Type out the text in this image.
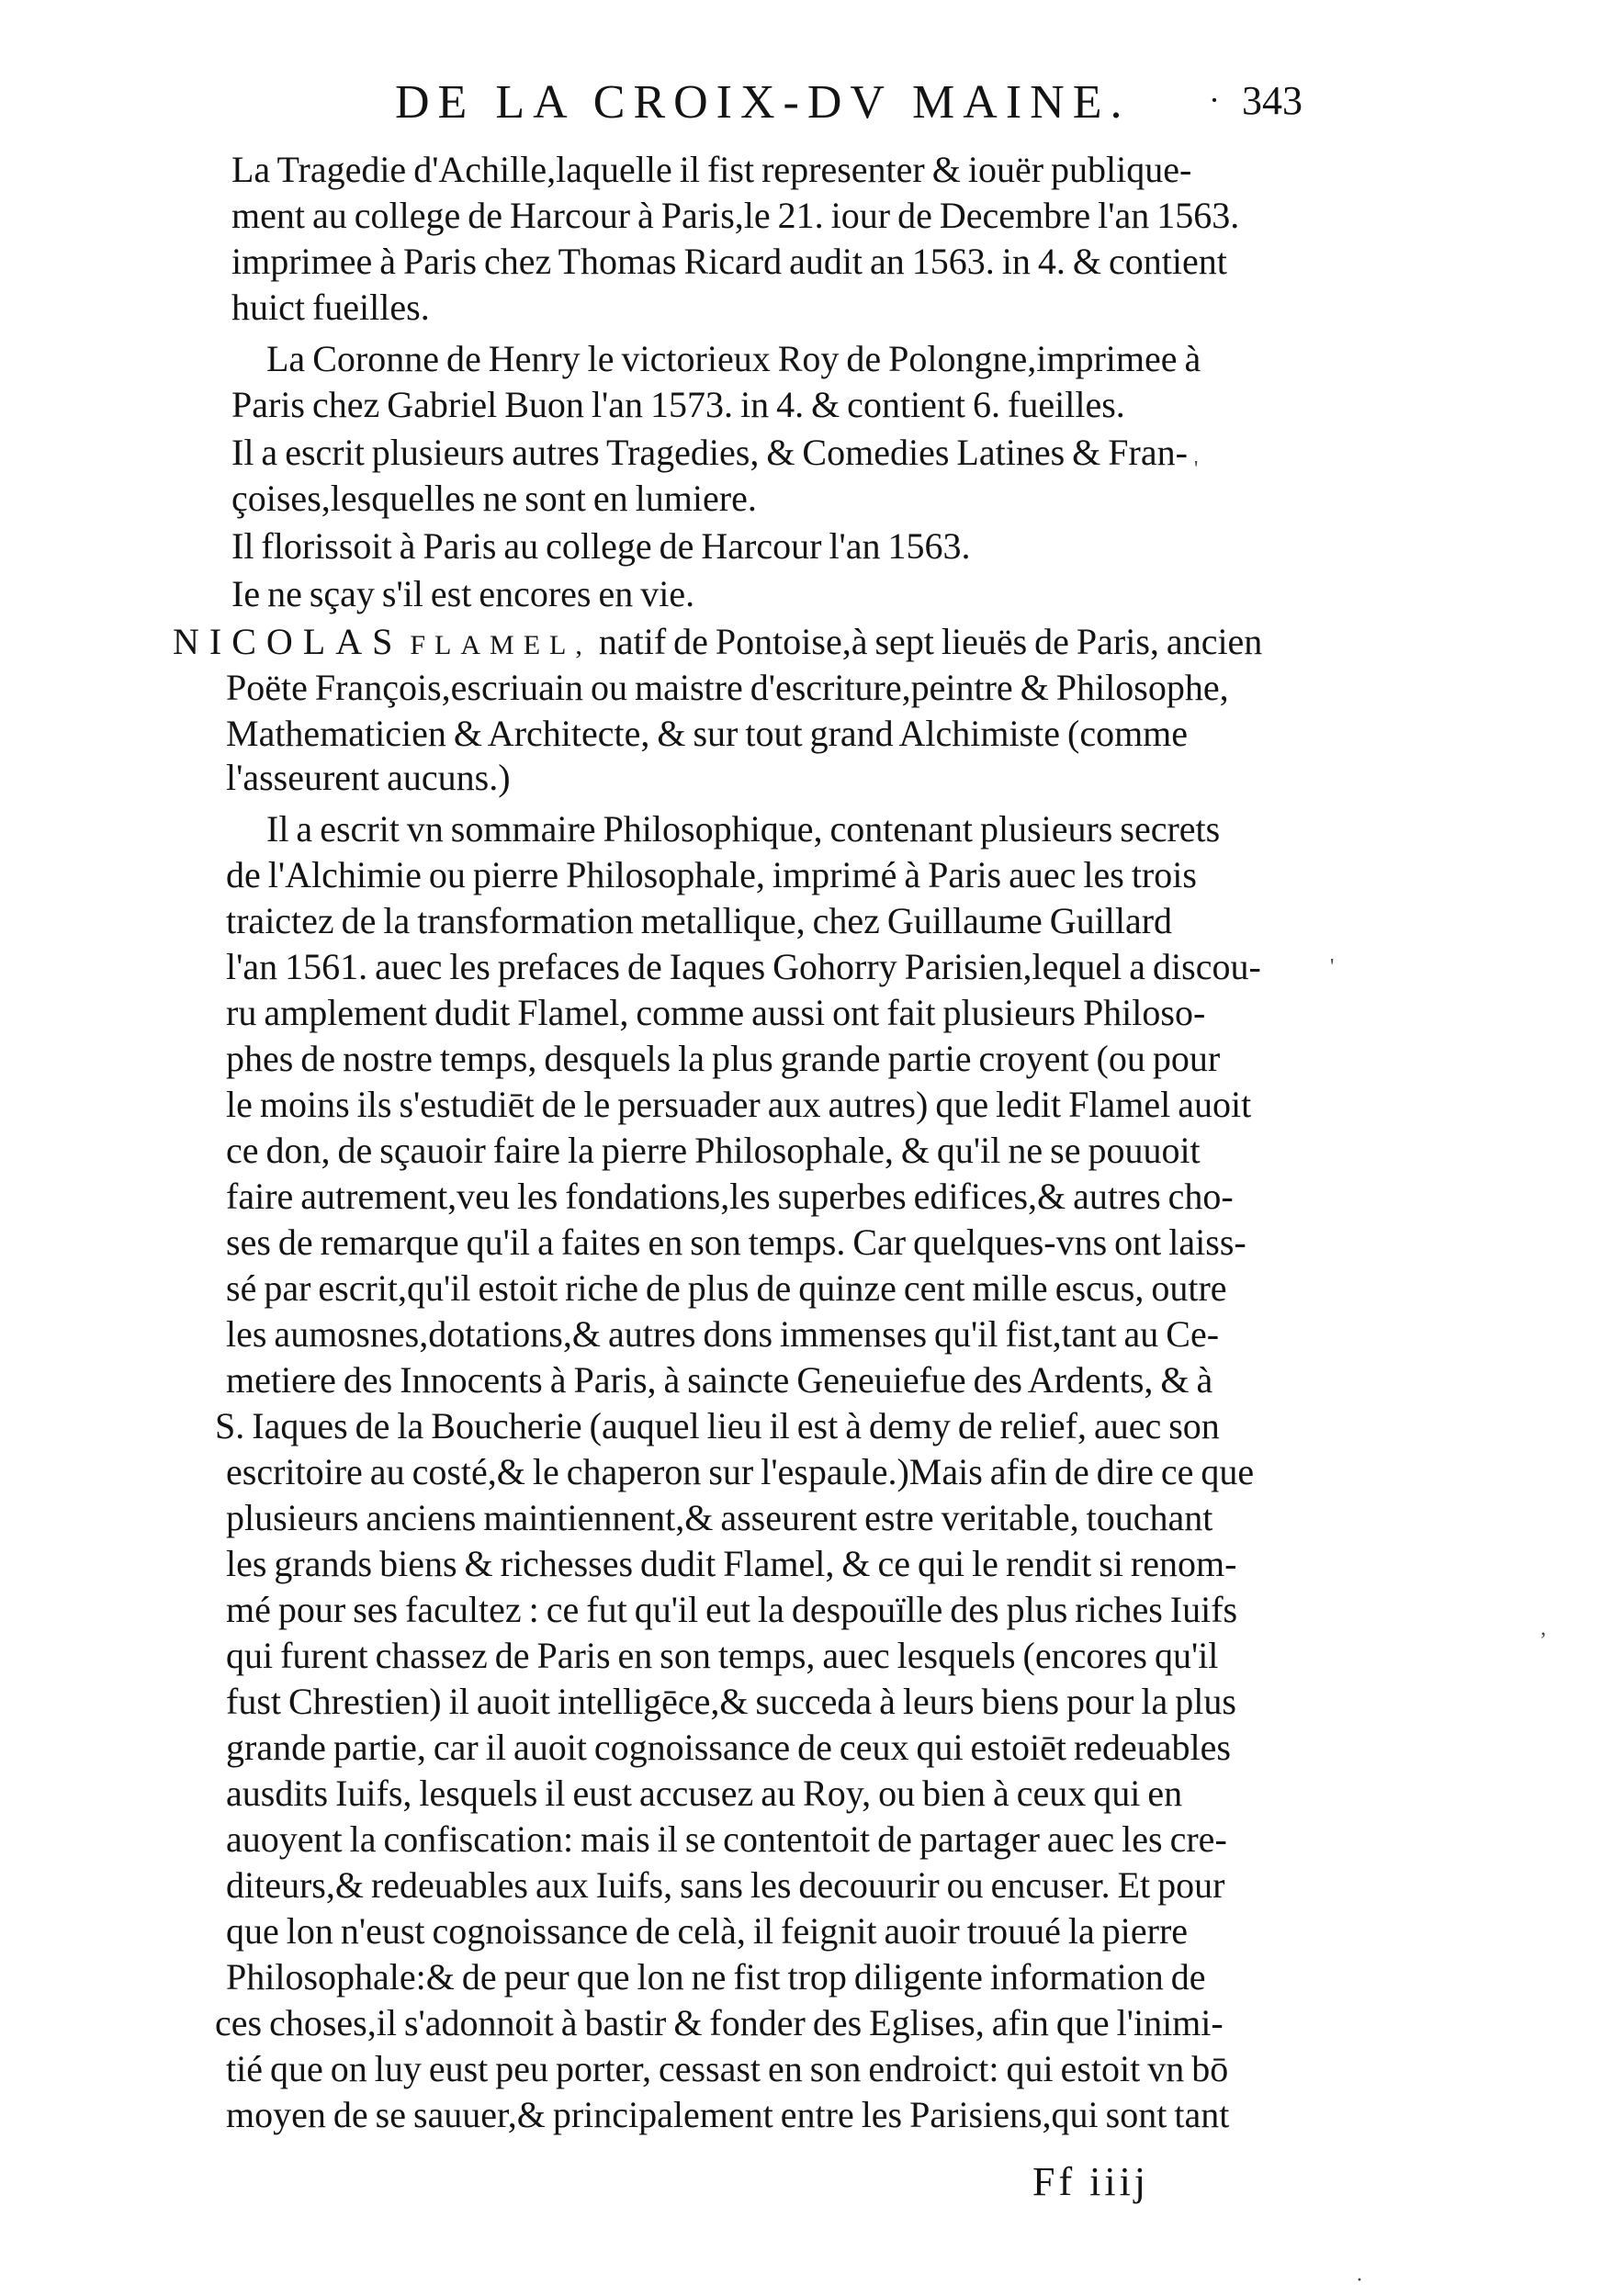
DE LA CROIX-DV MAINE. · 343
La Tragedie d'Achille,laquelle il fist representer & iouër publique-
ment au college de Harcour à Paris,le 21. iour de Decembre l'an 1563.
imprimee à Paris chez Thomas Ricard audit an 1563. in 4. & contient
huict fueilles.
La Coronne de Henry le victorieux Roy de Polongne,imprimee à
Paris chez Gabriel Buon l'an 1573. in 4. & contient 6. fueilles.
Il a escrit plusieurs autres Tragedies, & Comedies Latines & Fran-
çoises,lesquelles ne sont en lumiere.
Il florissoit à Paris au college de Harcour l'an 1563.
Ie ne sçay s'il est encores en vie.
NICOLAS FLAMEL, natif de Pontoise,à sept lieuës de Paris, ancien
Poëte François,escriuain ou maistre d'escriture,peintre & Philosophe,
Mathematicien & Architecte, & sur tout grand Alchimiste (comme
l'asseurent aucuns.)
Il a escrit vn sommaire Philosophique, contenant plusieurs secrets
de l'Alchimie ou pierre Philosophale, imprimé à Paris auec les trois
traictez de la transformation metallique, chez Guillaume Guillard
l'an 1561. auec les prefaces de Iaques Gohorry Parisien,lequel a discou-
ru amplement dudit Flamel, comme aussi ont fait plusieurs Philoso-
phes de nostre temps, desquels la plus grande partie croyent (ou pour
le moins ils s'estudiēt de le persuader aux autres) que ledit Flamel auoit
ce don, de sçauoir faire la pierre Philosophale, & qu'il ne se pouuoit
faire autrement,veu les fondations,les superbes edifices,& autres cho-
ses de remarque qu'il a faites en son temps. Car quelques-vns ont laiss-
sé par escrit,qu'il estoit riche de plus de quinze cent mille escus, outre
les aumosnes,dotations,& autres dons immenses qu'il fist,tant au Ce-
metiere des Innocents à Paris, à saincte Geneuiefue des Ardents, & à
S. Iaques de la Boucherie (auquel lieu il est à demy de relief, auec son
escritoire au costé,& le chaperon sur l'espaule.)Mais afin de dire ce que
plusieurs anciens maintiennent,& asseurent estre veritable, touchant
les grands biens & richesses dudit Flamel, & ce qui le rendit si renom-
mé pour ses facultez : ce fut qu'il eut la despouïlle des plus riches Iuifs
qui furent chassez de Paris en son temps, auec lesquels (encores qu'il
fust Chrestien) il auoit intelligēce,& succeda à leurs biens pour la plus
grande partie, car il auoit cognoissance de ceux qui estoiēt redeuables
ausdits Iuifs, lesquels il eust accusez au Roy, ou bien à ceux qui en
auoyent la confiscation: mais il se contentoit de partager auec les cre-
diteurs,& redeuables aux Iuifs, sans les decouurir ou encuser. Et pour
que lon n'eust cognoissance de celà, il feignit auoir trouué la pierre
Philosophale:& de peur que lon ne fist trop diligente information de
ces choses,il s'adonnoit à bastir & fonder des Eglises, afin que l'inimi-
tié que on luy eust peu porter, cessast en son endroict: qui estoit vn bō
moyen de se sauuer,& principalement entre les Parisiens,qui sont tant
Ff iiij
'
'
‚
·
